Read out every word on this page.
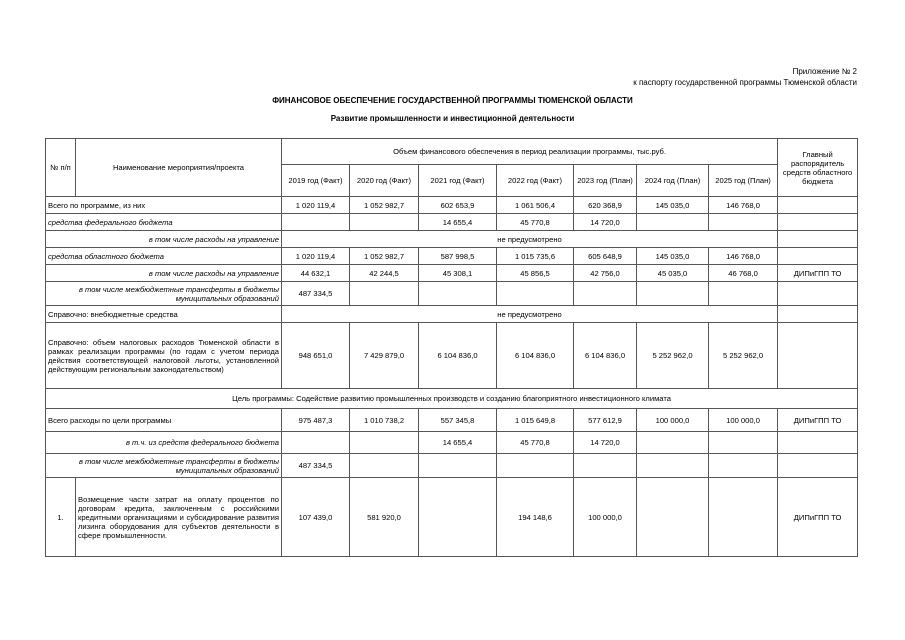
Приложение № 2
к паспорту государственной программы Тюменской области
ФИНАНСОВОЕ ОБЕСПЕЧЕНИЕ ГОСУДАРСТВЕННОЙ ПРОГРАММЫ ТЮМЕНСКОЙ ОБЛАСТИ
Развитие промышленности и инвестиционной деятельности
№ п/п	Наименование мероприятия/проекта	Объем финансового обеспечения в период реализации программы, тыс.руб.							Главный распорядитель средств областного бюджета
		2019 год (Факт)	2020 год (Факт)	2021 год (Факт)	2022 год (Факт)	2023 год (План)	2024 год (План)	2025 год (План)	
Всего по программе, из них		1 020 119,4	1 052 982,7	602 653,9	1 061 506,4	620 368,9	145 035,0	146 768,0	
средства федерального бюджета				14 655,4	45 770,8	14 720,0			
в том числе расходы на управление		не предусмотрено							
средства областного бюджета		1 020 119,4	1 052 982,7	587 998,5	1 015 735,6	605 648,9	145 035,0	146 768,0	
в том числе расходы на управление		44 632,1	42 244,5	45 308,1	45 856,5	42 756,0	45 035,0	46 768,0	ДИПиГПП ТО
в том числе межбюджетные трансферты в бюджеты муниципальных образований		487 334,5							
Справочно: внебюджетные средства		не предусмотрено							
Справочно: объем налоговых расходов Тюменской области в рамках реализации программы (по годам с учетом периода действия соответствующей налоговой льготы, установленной действующим региональным законодательством)		948 651,0	7 429 879,0	6 104 836,0	6 104 836,0	6 104 836,0	5 252 962,0	5 252 962,0	
Цель программы: Содействие развитию промышленных производств и созданию благоприятного инвестиционного климата									
Всего расходы по цели программы		975 487,3	1 010 738,2	557 345,8	1 015 649,8	577 612,9	100 000,0	100 000,0	ДИПиГПП ТО
в т.ч. из средств федерального бюджета				14 655,4	45 770,8	14 720,0			
в том числе межбюджетные трансферты в бюджеты муниципальных образований		487 334,5							
1.	Возмещение части затрат на оплату процентов по договорам кредита, заключенным с российскими кредитными организациями и субсидирование развития лизинга оборудования для субъектов деятельности в сфере промышленности.	107 439,0	581 920,0		194 148,6	100 000,0			ДИПиГПП ТО
